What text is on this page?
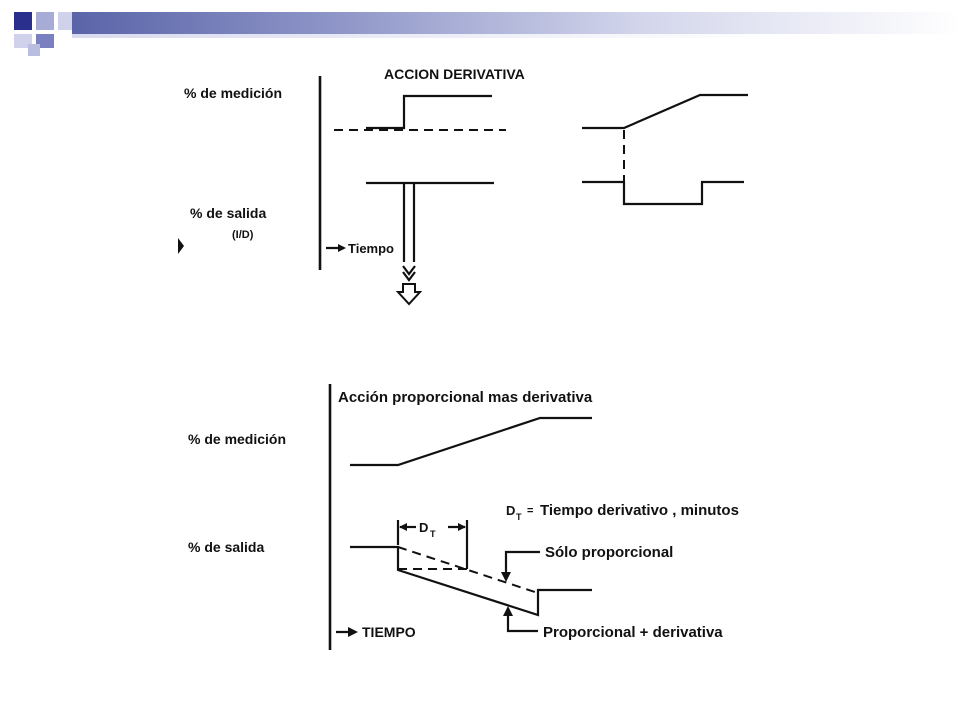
ACCION DERIVATIVA
% de medición
% de salida
(I/D)
Tiempo
Acción proporcional mas derivativa
% de medición
% de salida
TIEMPO
D T
D T = Tiempo derivativo , minutos
Sólo proporcional
Proporcional + derivativa
